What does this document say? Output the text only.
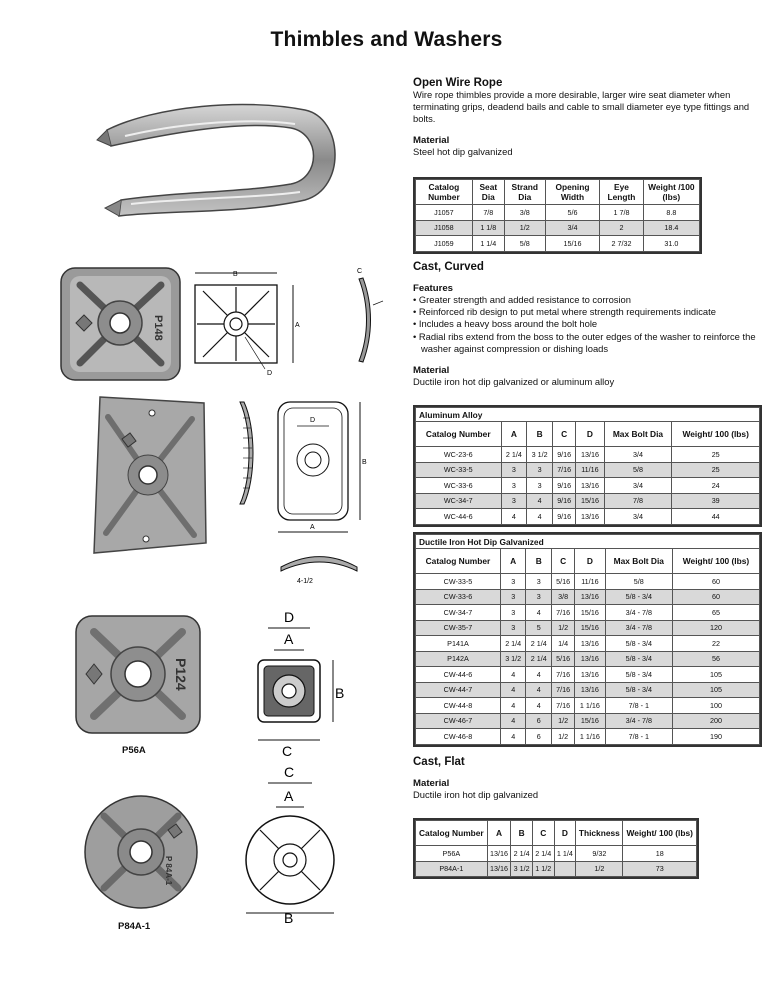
Thimbles and Washers

Open Wire Rope

Wire rope thimbles provide a more desirable, larger wire seat diameter when terminating grips, deadend bails and cable to small diameter eye type fittings and bolts.

Material

Steel hot dip galvanized

Catalog Number	Seat Dia	Strand Dia	Opening Width	Eye Length	Weight /100 (lbs)
J1057	7/8	3/8	5/6	1 7/8	8.8
J1058	1 1/8	1/2	3/4	2	18.4
J1059	1 1/4	5/8	15/16	2 7/32	31.0

Cast, Curved

Features

• Greater strength and added resistance to corrosion
• Reinforced rib design to put metal where strength requirements indicate
• Includes a heavy boss around the bolt hole
• Radial ribs extend from the boss to the outer edges of the washer to reinforce the washer against compression or dishing loads

Material

Ductile iron hot dip galvanized or aluminum alloy

Aluminum Alloy						
Catalog Number	A	B	C	D	Max Bolt Dia	Weight/ 100 (lbs)
WC-23-6	2 1/4	3 1/2	9/16	13/16	3/4	25
WC-33-5	3	3	7/16	11/16	5/8	25
WC-33-6	3	3	9/16	13/16	3/4	24
WC-34-7	3	4	9/16	15/16	7/8	39
WC-44-6	4	4	9/16	13/16	3/4	44
Ductile Iron Hot Dip Galvanized						
Catalog Number	A	B	C	D	Max Bolt Dia	Weight/ 100 (lbs)
CW-33-5	3	3	5/16	11/16	5/8	60
CW-33-6	3	3	3/8	13/16	5/8 - 3/4	60
CW-34-7	3	4	7/16	15/16	3/4 - 7/8	65
CW-35-7	3	5	1/2	15/16	3/4 - 7/8	120
P141A	2 1/4	2 1/4	1/4	13/16	5/8 - 3/4	22
P142A	3 1/2	2 1/4	5/16	13/16	5/8 - 3/4	56
CW-44-6	4	4	7/16	13/16	5/8 - 3/4	105
CW-44-7	4	4	7/16	13/16	5/8 - 3/4	105
CW-44-8	4	4	7/16	1 1/16	7/8 - 1	100
CW-46-7	4	6	1/2	15/16	3/4 - 7/8	200
CW-46-8	4	6	1/2	1 1/16	7/8 - 1	190

Cast, Flat

Material

Ductile iron hot dip galvanized

Catalog Number	A	B	C	D	Thickness	Weight/ 100 (lbs)
P56A	13/16	2 1/4	2 1/4	1 1/4	9/32	18
P84A-1	13/16	3 1/2	1 1/2		1/2	73
P148
B
A
D
C
D
B
A
4-1/2
P124
P56A
D
A
B
C
P 84A-1
P84A-1
C
A
B
